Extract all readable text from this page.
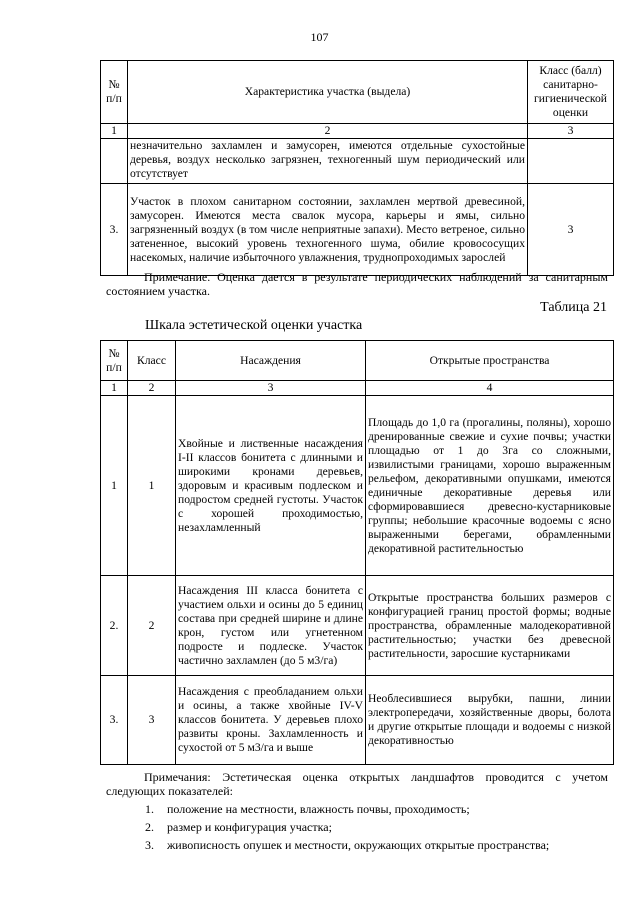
107
№ п/п	Характеристика участка (выдела)	Класс (балл) санитарно-гигиенической оценки
1	2	3
	незначительно захламлен и замусорен, имеются отдельные сухостойные деревья, воздух несколько загрязнен, техногенный шум периодический или отсутствует	
3.	Участок в плохом санитарном состоянии, захламлен мертвой древесиной, замусорен. Имеются места свалок мусора, карьеры и ямы, сильно загрязненный воздух (в том числе неприятные запахи). Место ветреное, сильно затененное, высокий уровень техногенного шума, обилие кровососущих насекомых, наличие избыточного увлажнения, труднопроходимых зарослей	3
Примечание. Оценка дается в результате периодических наблюдений за санитарным состоянием участка.
Таблица 21
Шкала эстетической оценки участка
№ п/п	Класс	Насаждения	Открытые пространства
1	2	3	4
1	1	Хвойные и лиственные насаждения I-II классов бонитета с длинными и широкими кронами деревьев, здоровым и красивым подлеском и подростом средней густоты. Участок с хорошей проходимостью, незахламленный	Площадь до 1,0 га (прогалины, поляны), хорошо дренированные свежие и сухие почвы; участки площадью от 1 до 3га со сложными, извилистыми границами, хорошо выраженным рельефом, декоративными опушками, имеются единичные декоративные деревья или сформировавшиеся древесно-кустарниковые группы; небольшие красочные водоемы с ясно выраженными берегами, обрамленными декоративной растительностью
2.	2	Насаждения III класса бонитета с участием ольхи и осины до 5 единиц состава при средней ширине и длине крон, густом или угнетенном подросте и подлеске. Участок частично захламлен (до 5 м3/га)	Открытые пространства больших размеров с конфигурацией границ простой формы; водные пространства, обрамленные малодекоративной растительностью; участки без древесной растительности, заросшие кустарниками
3.	3	Насаждения с преобладанием ольхи и осины, а также хвойные IV-V классов бонитета. У деревьев плохо развиты кроны. Захламленность и сухостой от 5 м3/га и выше	Необлесившиеся вырубки, пашни, линии электропередачи, хозяйственные дворы, болота и другие открытые площади и водоемы с низкой декоративностью
Примечания: Эстетическая оценка открытых ландшафтов проводится с учетом следующих показателей:
1. положение на местности, влажность почвы, проходимость;
2. размер и конфигурация участка;
3. живописность опушек и местности, окружающих открытые пространства;
